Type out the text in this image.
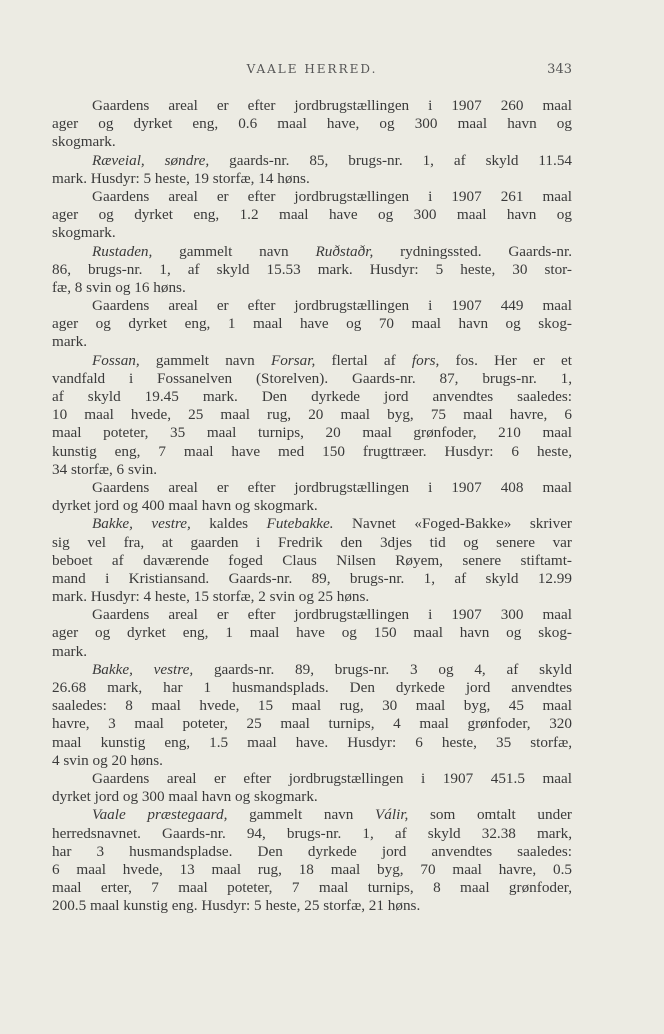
VAALE HERRED.	343
Gaardens areal er efter jordbrugstællingen i 1907 260 maal
ager og dyrket eng, 0.6 maal have, og 300 maal havn og
skogmark.
Ræveial, søndre, gaards-nr. 85, brugs-nr. 1, af skyld 11.54
mark. Husdyr: 5 heste, 19 storfæ, 14 høns.
Gaardens areal er efter jordbrugstællingen i 1907 261 maal
ager og dyrket eng, 1.2 maal have og 300 maal havn og
skogmark.
Rustaden, gammelt navn Ruðstaðr, rydningssted. Gaards-nr.
86, brugs-nr. 1, af skyld 15.53 mark. Husdyr: 5 heste, 30 stor-
fæ, 8 svin og 16 høns.
Gaardens areal er efter jordbrugstællingen i 1907 449 maal
ager og dyrket eng, 1 maal have og 70 maal havn og skog-
mark.
Fossan, gammelt navn Forsar, flertal af fors, fos. Her er et
vandfald i Fossanelven (Storelven). Gaards-nr. 87, brugs-nr. 1,
af skyld 19.45 mark. Den dyrkede jord anvendtes saaledes:
10 maal hvede, 25 maal rug, 20 maal byg, 75 maal havre, 6
maal poteter, 35 maal turnips, 20 maal grønfoder, 210 maal
kunstig eng, 7 maal have med 150 frugttræer. Husdyr: 6 heste,
34 storfæ, 6 svin.
Gaardens areal er efter jordbrugstællingen i 1907 408 maal
dyrket jord og 400 maal havn og skogmark.
Bakke, vestre, kaldes Futebakke. Navnet «Foged-Bakke» skriver
sig vel fra, at gaarden i Fredrik den 3djes tid og senere var
beboet af daværende foged Claus Nilsen Røyem, senere stiftamt-
mand i Kristiansand. Gaards-nr. 89, brugs-nr. 1, af skyld 12.99
mark. Husdyr: 4 heste, 15 storfæ, 2 svin og 25 høns.
Gaardens areal er efter jordbrugstællingen i 1907 300 maal
ager og dyrket eng, 1 maal have og 150 maal havn og skog-
mark.
Bakke, vestre, gaards-nr. 89, brugs-nr. 3 og 4, af skyld
26.68 mark, har 1 husmandsplads. Den dyrkede jord anvendtes
saaledes: 8 maal hvede, 15 maal rug, 30 maal byg, 45 maal
havre, 3 maal poteter, 25 maal turnips, 4 maal grønfoder, 320
maal kunstig eng, 1.5 maal have. Husdyr: 6 heste, 35 storfæ,
4 svin og 20 høns.
Gaardens areal er efter jordbrugstællingen i 1907 451.5 maal
dyrket jord og 300 maal havn og skogmark.
Vaale præstegaard, gammelt navn Válir, som omtalt under
herredsnavnet. Gaards-nr. 94, brugs-nr. 1, af skyld 32.38 mark,
har 3 husmandspladse. Den dyrkede jord anvendtes saaledes:
6 maal hvede, 13 maal rug, 18 maal byg, 70 maal havre, 0.5
maal erter, 7 maal poteter, 7 maal turnips, 8 maal grønfoder,
200.5 maal kunstig eng. Husdyr: 5 heste, 25 storfæ, 21 høns.
